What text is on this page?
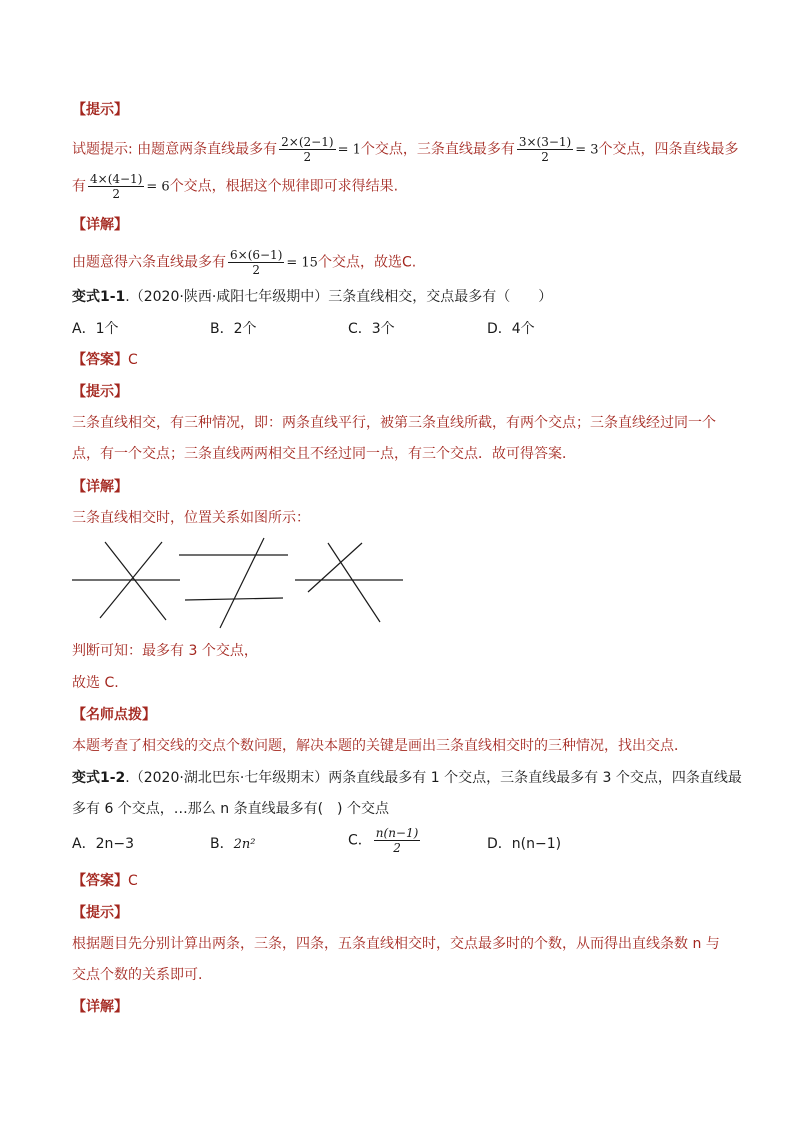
【提示】
试题提示: 由题意两条直线最多有 $\frac{2\times(2-1)}{2} = 1$个交点，三条直线最多有 $\frac{3\times(3-1)}{2} = 3$个交点，四条直线最多
有 $\frac{4\times(4-1)}{2} = 6$个交点，根据这个规律即可求得结果.
【详解】
由题意得六条直线最多有 $\frac{6\times(6-1)}{2} = 15$个交点，故选C.
变式1-1.（2020·陕西·咸阳七年级期中）三条直线相交，交点最多有（　　）
A．1个	B．2个	C．3个	D．4个
【答案】C
【提示】
三条直线相交，有三种情况，即：两条直线平行，被第三条直线所截，有两个交点；三条直线经过同一个
点，有一个交点；三条直线两两相交且不经过同一点，有三个交点．故可得答案．
【详解】
三条直线相交时，位置关系如图所示：
判断可知：最多有 3 个交点，
故选 C.
【名师点拨】
本题考查了相交线的交点个数问题，解决本题的关键是画出三条直线相交时的三种情况，找出交点．
变式1-2.（2020·湖北巴东·七年级期末）两条直线最多有 1 个交点，三条直线最多有 3 个交点，四条直线最
多有 6 个交点，…那么 n 条直线最多有(　) 个交点
A．2n−3	B．2n²	C． $\frac{n(n-1)}{2}$	D．n(n−1)
【答案】C
【提示】
根据题目先分别计算出两条，三条，四条，五条直线相交时，交点最多时的个数，从而得出直线条数 n 与
交点个数的关系即可.
【详解】
